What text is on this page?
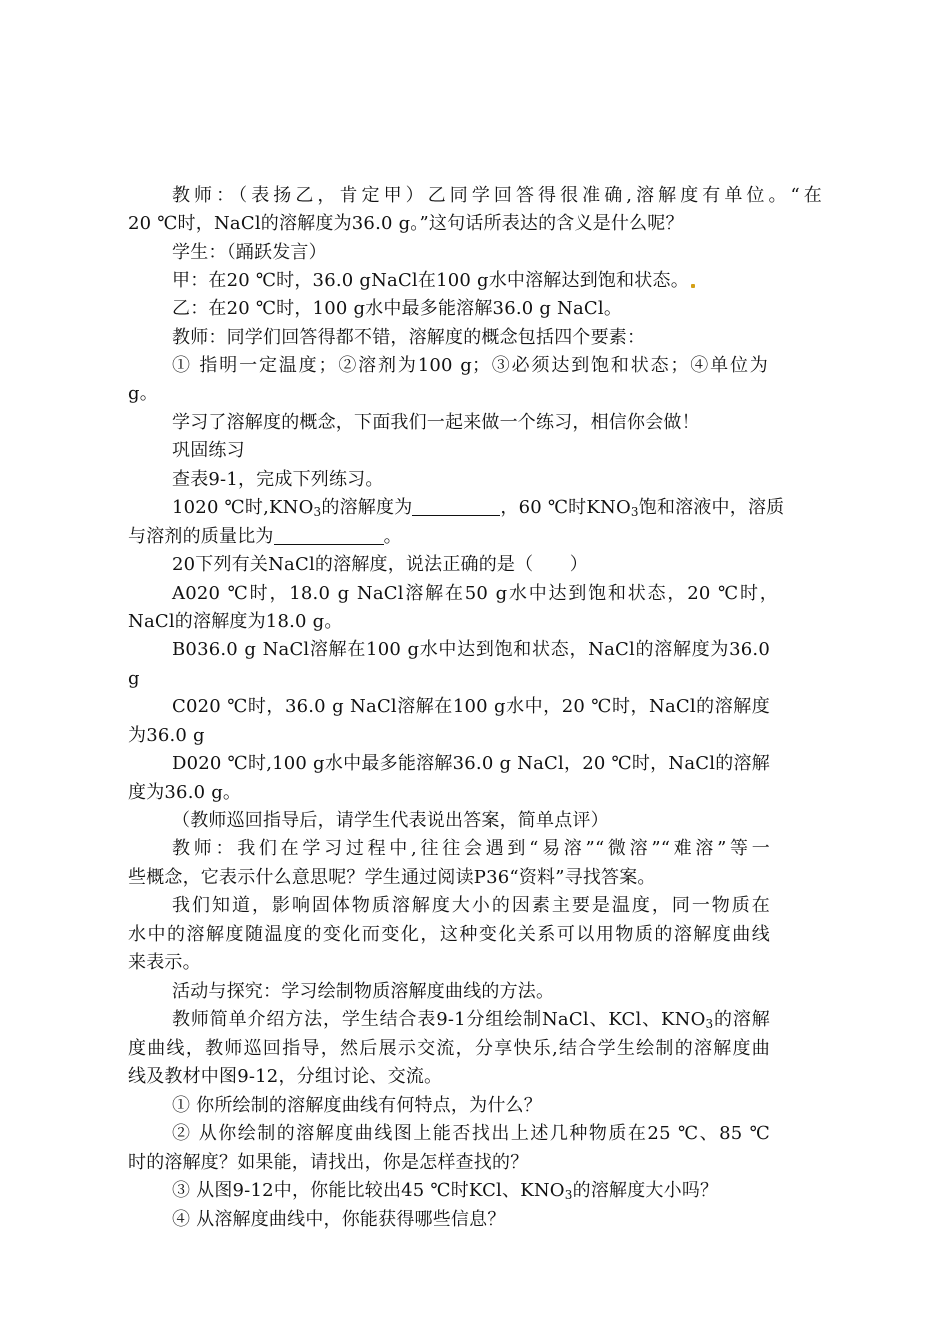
教师：（表扬乙，肯定甲）乙同学回答得很准确,溶解度有单位。“在
20 ℃时，NaCl的溶解度为36.0 g。”这句话所表达的含义是什么呢？
学生：（踊跃发言）
甲：在20 ℃时，36.0 gNaCl在100 g水中溶解达到饱和状态。
乙：在20 ℃时，100 g水中最多能溶解36.0 g NaCl。
教师：同学们回答得都不错，溶解度的概念包括四个要素：
① 指明一定温度；②溶剂为100 g；③必须达到饱和状态；④单位为
g。
学习了溶解度的概念，下面我们一起来做一个练习，相信你会做！
巩固练习
查表9-1，完成下列练习。
1020 ℃时$,KNO_3$的溶解度为	，60 ℃时$KNO_3$饱和溶液中，溶质
与溶剂的质量比为	。
20下列有关NaCl的溶解度，说法正确的是（　　）
A020 ℃时，18.0 g NaCl溶解在50 g水中达到饱和状态，20 ℃时，
NaCl的溶解度为18.0 g。
B036.0 g NaCl溶解在100 g水中达到饱和状态，NaCl的溶解度为36.0
g
C020 ℃时，36.0 g NaCl溶解在100 g水中，20 ℃时，NaCl的溶解度
为36.0 g
D020 ℃时,100 g水中最多能溶解36.0 g NaCl，20 ℃时，NaCl的溶解
度为36.0 g。
（教师巡回指导后，请学生代表说出答案，简单点评）
教师：我们在学习过程中,往往会遇到“易溶”“微溶”“难溶”等一
些概念，它表示什么意思呢？学生通过阅读P36“资料”寻找答案。
我们知道，影响固体物质溶解度大小的因素主要是温度，同一物质在
水中的溶解度随温度的变化而变化，这种变化关系可以用物质的溶解度曲线
来表示。
活动与探究：学习绘制物质溶解度曲线的方法。
教师简单介绍方法，学生结合表9-1分组绘制NaCl、KCl、$KNO_3$的溶解
度曲线，教师巡回指导，然后展示交流，分享快乐,结合学生绘制的溶解度曲
线及教材中图9-12，分组讨论、交流。
① 你所绘制的溶解度曲线有何特点，为什么？
② 从你绘制的溶解度曲线图上能否找出上述几种物质在25 ℃、85 ℃
时的溶解度？如果能，请找出，你是怎样查找的？
③ 从图9-12中，你能比较出45 ℃时KCl、$KNO_3$的溶解度大小吗？
④ 从溶解度曲线中，你能获得哪些信息？
